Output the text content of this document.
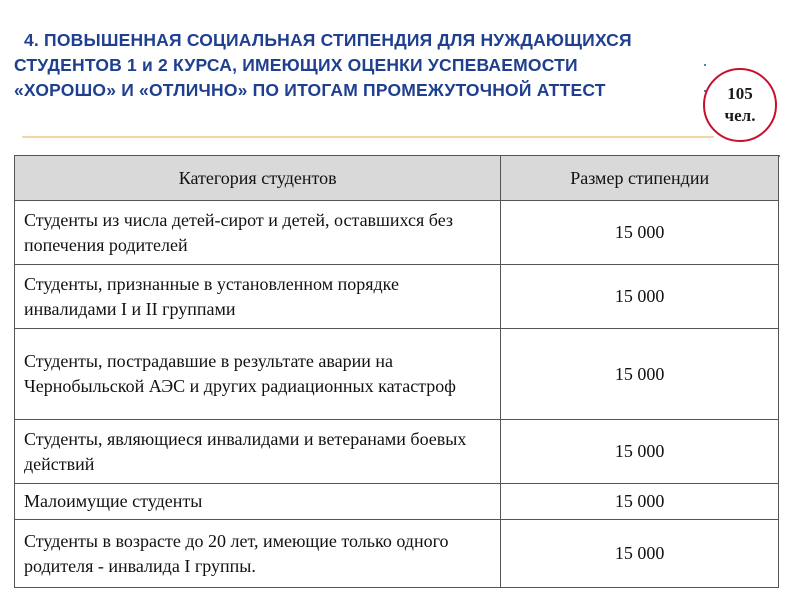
4. ПОВЫШЕННАЯ СОЦИАЛЬНАЯ СТИПЕНДИЯ ДЛЯ НУЖДАЮЩИХСЯ
СТУДЕНТОВ 1 и 2 КУРСА, ИМЕЮЩИХ ОЦЕНКИ УСПЕВАЕМОСТИ
«ХОРОШО» И «ОТЛИЧНО» ПО ИТОГАМ ПРОМЕЖУТОЧНОЙ АТТЕСТ	105
чел.
Категория студентов	Размер стипендии
Студенты из числа детей-сирот и детей, оставшихся без попечения родителей	15 000
Студенты, признанные в установленном порядке инвалидами I и II группами	15 000
Студенты, пострадавшие в результате аварии на Чернобыльской АЭС и других радиационных катастроф	15 000
Студенты, являющиеся инвалидами и ветеранами боевых действий	15 000
Малоимущие студенты	15 000
Студенты в возрасте до 20 лет, имеющие только одного родителя - инвалида I группы.	15 000
